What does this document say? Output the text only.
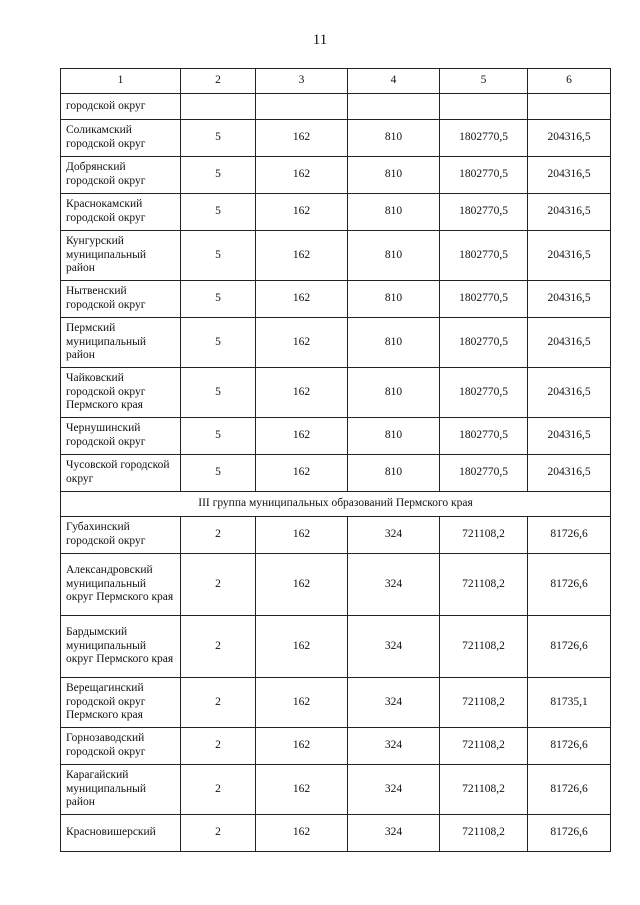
11
1	2	3	4	5	6
городской округ					
Соликамский городской округ	5	162	810	1802770,5	204316,5
Добрянский городской округ	5	162	810	1802770,5	204316,5
Краснокамский городской округ	5	162	810	1802770,5	204316,5
Кунгурский муниципальный район	5	162	810	1802770,5	204316,5
Нытвенский городской округ	5	162	810	1802770,5	204316,5
Пермский муниципальный район	5	162	810	1802770,5	204316,5
Чайковский городской округ Пермского края	5	162	810	1802770,5	204316,5
Чернушинский городской округ	5	162	810	1802770,5	204316,5
Чусовской городской округ	5	162	810	1802770,5	204316,5
III группа муниципальных образований Пермского края					
Губахинский городской округ	2	162	324	721108,2	81726,6
Александровский муниципальный округ Пермского края	2	162	324	721108,2	81726,6
Бардымский муниципальный округ Пермского края	2	162	324	721108,2	81726,6
Верещагинский городской округ Пермского края	2	162	324	721108,2	81735,1
Горнозаводский городской округ	2	162	324	721108,2	81726,6
Карагайский муниципальный район	2	162	324	721108,2	81726,6
Красновишерский	2	162	324	721108,2	81726,6
